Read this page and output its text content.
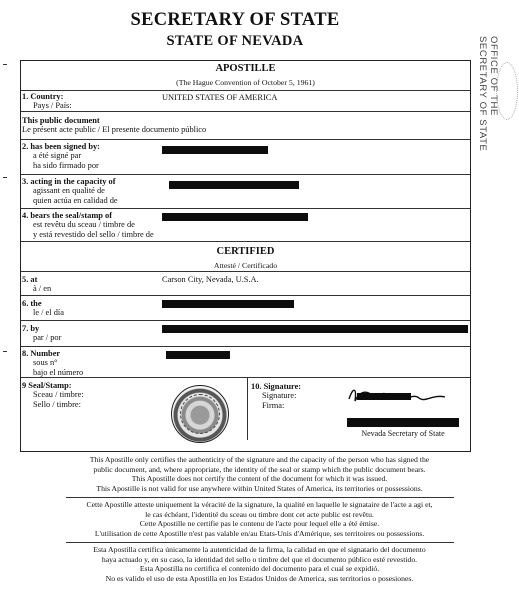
SECRETARY OF STATE
STATE OF NEVADA	OFFICE OF THE
SECRETARY OF STATE
APOSTILLE
(The Hague Convention of October 5, 1961)
1. Country:
Pays / País:
UNITED STATES OF AMERICA
This public document
Le présent acte public / El presente documento público
2. has been signed by:
a été signé par
ha sido firmado por
3. acting in the capacity of
agissant en qualité de
quien actúa en calidad de
4. bears the seal/stamp of
est revêtu du sceau / timbre de
y está revestido del sello / timbre de
CERTIFIED
Attesté / Certificado
5. at
à / en
Carson City, Nevada, U.S.A.
6. the
le / el día
7. by
par / por
8. Number
sous n°
bajo el número
9 Seal/Stamp:
Sceau / timbre:
Sello / timbre:
10. Signature:
Signature:
Firma:
Nevada Secretary of State
This Apostille only certifies the authenticity of the signature and the capacity of the person who has signed the
public document, and, where appropriate, the identity of the seal or stamp which the public document bears.
This Apostille does not certify the content of the document for which it was issued.
This Apostille is not valid for use anywhere within United States of America, its territories or possessions.
Cette Apostille atteste uniquement la véracité de la signature, la qualité en laquelle le signataire de l'acte a agi et,
le cas échéant, l'identité du sceau ou timbre dont cet acte public est revêtu.
Cette Apostille ne certifie pas le contenu de l'acte pour lequel elle a été émise.
L'utilisation de cette Apostille n'est pas valable en/au Etats-Unis d'Amérique, ses territoires ou possessions.
Esta Apostilla certifica únicamente la autenticidad de la firma, la calidad en que el signatario del documento
haya actuado y, en su caso, la identidad del sello o timbre del que el documento público esté revestido.
Esta Apostilla no certifica el contenido del documento para el cual se expidió.
No es valido el uso de esta Apostilla en los Estados Unidos de America, sus territorios o posesiones.
